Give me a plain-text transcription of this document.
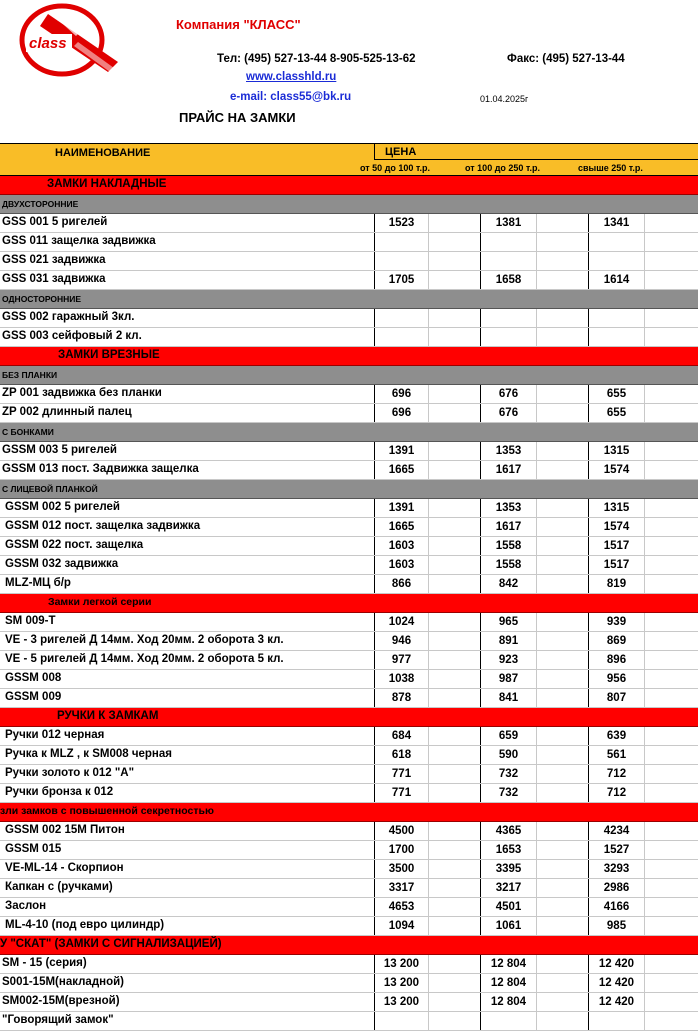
class
Компания "КЛАСС"
Тел: (495) 527-13-44 8-905-525-13-62	Факс: (495) 527-13-44
www.classhld.ru
e-mail: class55@bk.ru	01.04.2025г
ПРАЙС НА ЗАМКИ
НАИМЕНОВАНИЕ	ЦЕНА
от 50 до 100 т.р.	от 100 до 250 т.р.	свыше 250 т.р.
ЗАМКИ НАКЛАДНЫЕ
ДВУХСТОРОННИЕ
GSS 001 5 ригелей	1523	1381	1341
GSS 011 защелка задвижка
GSS 021 задвижка
GSS 031 задвижка	1705	1658	1614
ОДНОСТОРОННИЕ
GSS 002 гаражный 3кл.
GSS 003 сейфовый 2 кл.
ЗАМКИ ВРЕЗНЫЕ
БЕЗ ПЛАНКИ
ZP 001 задвижка без планки	696	676	655
ZP 002 длинный палец	696	676	655
С БОНКАМИ
GSSM 003 5 ригелей	1391	1353	1315
GSSM 013 пост. Задвижка защелка	1665	1617	1574
С ЛИЦЕВОЙ ПЛАНКОЙ
GSSM 002 5 ригелей	1391	1353	1315
GSSM 012 пост. защелка задвижка	1665	1617	1574
GSSM 022 пост. защелка	1603	1558	1517
GSSM 032 задвижка	1603	1558	1517
MLZ-МЦ б/р	866	842	819
Замки легкой серии
SM 009-T	1024	965	939
VE - 3 ригелей Д 14мм. Ход 20мм. 2 оборота 3 кл.	946	891	869
VE - 5 ригелей Д 14мм. Ход 20мм. 2 оборота 5 кл.	977	923	896
GSSM 008	1038	987	956
GSSM 009	878	841	807
РУЧКИ К ЗАМКАМ
Ручки 012 черная	684	659	639
Ручка к MLZ , к SM008 черная	618	590	561
Ручки золото к 012 "А"	771	732	712
Ручки бронза к 012	771	732	712
зли замков с повышенной секретностью
GSSM 002 15М Питон	4500	4365	4234
GSSM 015	1700	1653	1527
VE-ML-14 - Скорпион	3500	3395	3293
Капкан с (ручками)	3317	3217	2986
Заслон	4653	4501	4166
ML-4-10 (под евро цилиндр)	1094	1061	985
У "СКАТ" (ЗАМКИ С СИГНАЛИЗАЦИЕЙ)
SM - 15 (серия)	13 200	12 804	12 420
S001-15М(накладной)	13 200	12 804	12 420
SM002-15М(врезной)	13 200	12 804	12 420
"Говорящий замок"
